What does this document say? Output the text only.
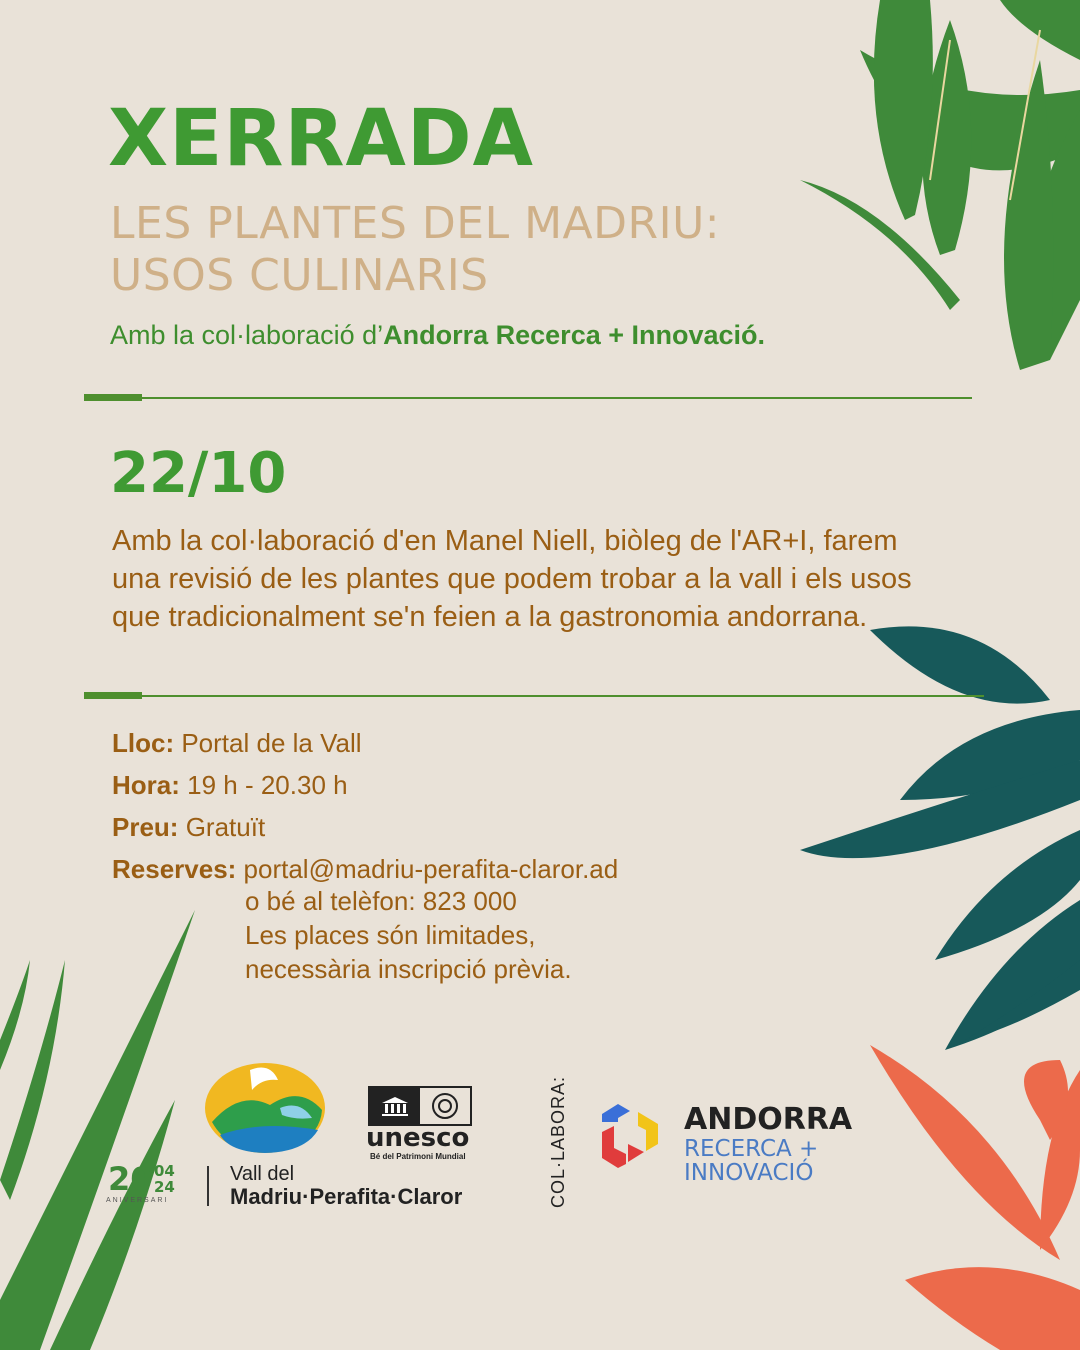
XERRADA
LES PLANTES DEL MADRIU:
USOS CULINARIS
Amb la col·laboració d’Andorra Recerca + Innovació.
22/10
Amb la col·laboració d'en Manel Niell, biòleg de l'AR+I, farem una revisió de les plantes que podem trobar a la vall i els usos que tradicionalment se'n feien a la gastronomia andorrana.
Lloc: Portal de la Vall
Hora: 19 h - 20.30 h
Preu: Gratuït
Reserves: portal@madriu-perafita-claror.ad
o bé al telèfon: 823 000
Les places són limitades,
necessària inscripció prèvia.
20 04
24
ANIVERSARI
Vall del
Madriu·Perafita·Claror
unesco
Bé del Patrimoni Mundial	COL·LABORA:	ANDORRA
RECERCA +
INNOVACIÓ
